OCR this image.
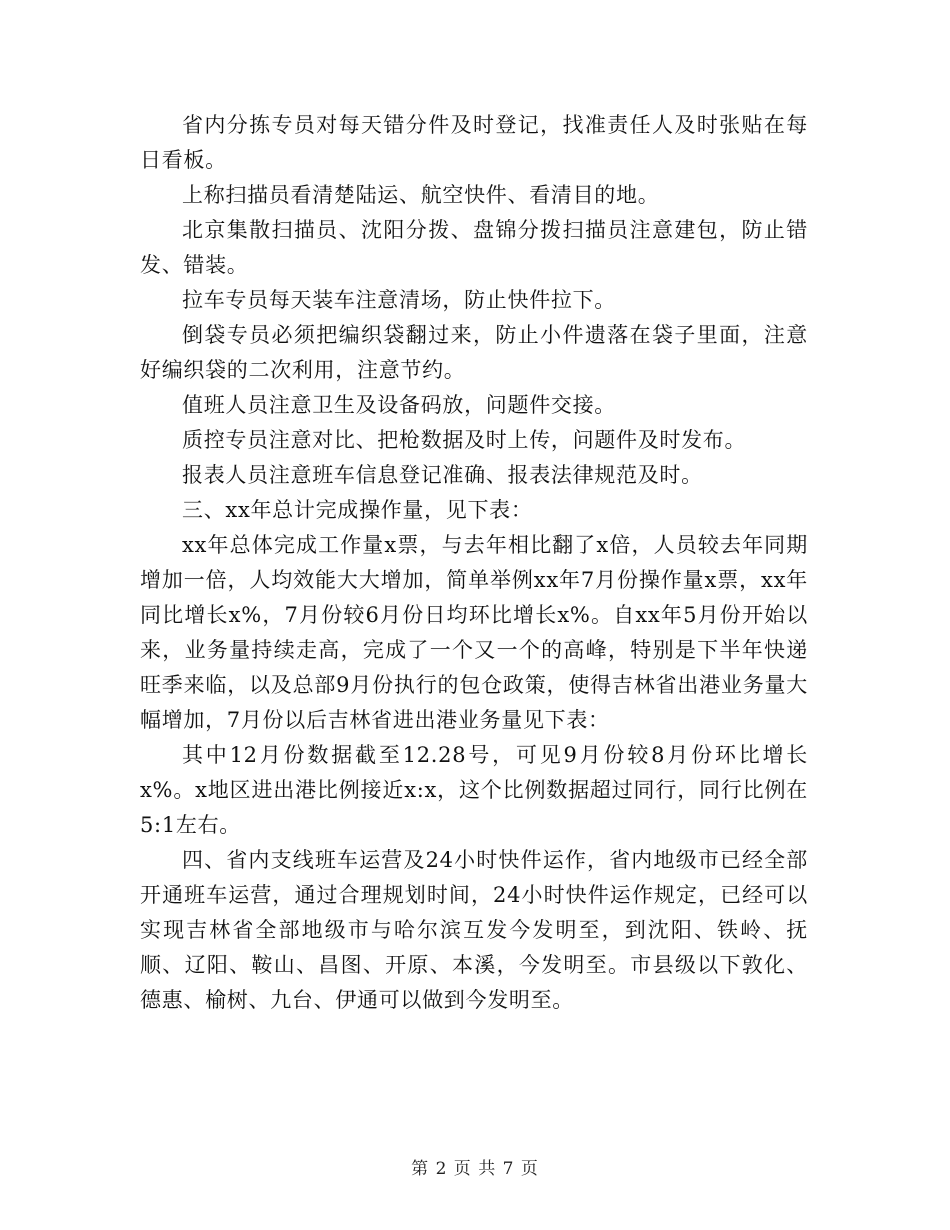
省内分拣专员对每天错分件及时登记，找准责任人及时张贴在每日看板。

上称扫描员看清楚陆运、航空快件、看清目的地。

北京集散扫描员、沈阳分拨、盘锦分拨扫描员注意建包，防止错发、错装。

拉车专员每天装车注意清场，防止快件拉下。

倒袋专员必须把编织袋翻过来，防止小件遗落在袋子里面，注意好编织袋的二次利用，注意节约。

值班人员注意卫生及设备码放，问题件交接。

质控专员注意对比、把枪数据及时上传，问题件及时发布。

报表人员注意班车信息登记准确、报表法律规范及时。

三、xx年总计完成操作量，见下表：

xx年总体完成工作量x票，与去年相比翻了x倍，人员较去年同期增加一倍，人均效能大大增加，简单举例xx年7月份操作量x票，xx年同比增长x%，7月份较6月份日均环比增长x%。自xx年5月份开始以来，业务量持续走高，完成了一个又一个的高峰，特别是下半年快递旺季来临，以及总部9月份执行的包仓政策，使得吉林省出港业务量大幅增加，7月份以后吉林省进出港业务量见下表：

其中12月份数据截至12.28号，可见9月份较8月份环比增长x%。x地区进出港比例接近x:x，这个比例数据超过同行，同行比例在5:1左右。

四、省内支线班车运营及24小时快件运作，省内地级市已经全部开通班车运营，通过合理规划时间，24小时快件运作规定，已经可以实现吉林省全部地级市与哈尔滨互发今发明至，到沈阳、铁岭、抚顺、辽阳、鞍山、昌图、开原、本溪，今发明至。市县级以下敦化、德惠、榆树、九台、伊通可以做到今发明至。

第 2 页 共 7 页
